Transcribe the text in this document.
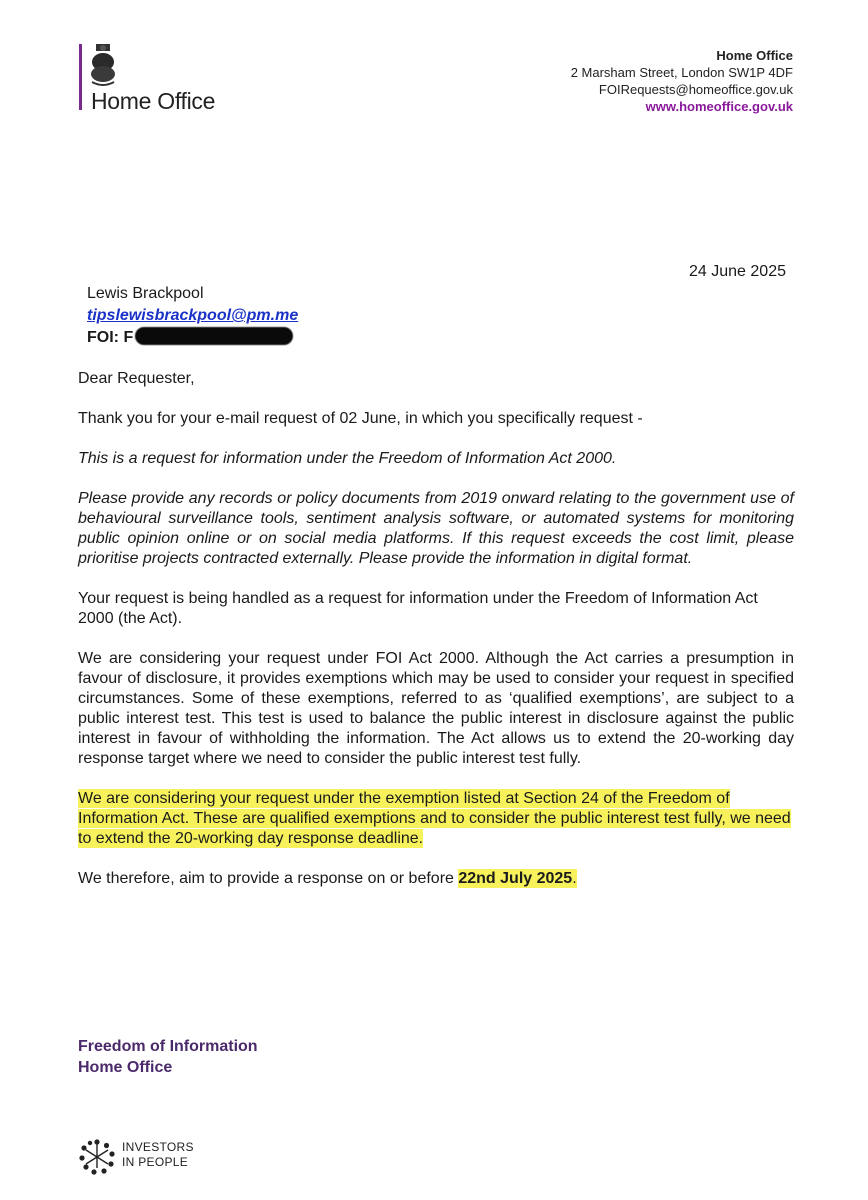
Home Office
Home Office
2 Marsham Street, London SW1P 4DF
FOIRequests@homeoffice.gov.uk
www.homeoffice.gov.uk
24 June 2025
Lewis Brackpool
tipslewisbrackpool@pm.me
FOI: F

Dear Requester,

Thank you for your e-mail request of 02 June, in which you specifically request -

This is a request for information under the Freedom of Information Act 2000.

Please provide any records or policy documents from 2019 onward relating to the government use of behavioural surveillance tools, sentiment analysis software, or automated systems for monitoring public opinion online or on social media platforms. If this request exceeds the cost limit, please prioritise projects contracted externally. Please provide the information in digital format.

Your request is being handled as a request for information under the Freedom of Information Act 2000 (the Act).

We are considering your request under FOI Act 2000. Although the Act carries a presumption in favour of disclosure, it provides exemptions which may be used to consider your request in specified circumstances. Some of these exemptions, referred to as ‘qualified exemptions’, are subject to a public interest test. This test is used to balance the public interest in disclosure against the public interest in favour of withholding the information. The Act allows us to extend the 20-working day response target where we need to consider the public interest test fully.

We are considering your request under the exemption listed at Section 24 of the Freedom of Information Act. These are qualified exemptions and to consider the public interest test fully, we need to extend the 20-working day response deadline.

We therefore, aim to provide a response on or before 22nd July 2025.

Freedom of Information
Home Office
INVESTORS
IN PEOPLE
